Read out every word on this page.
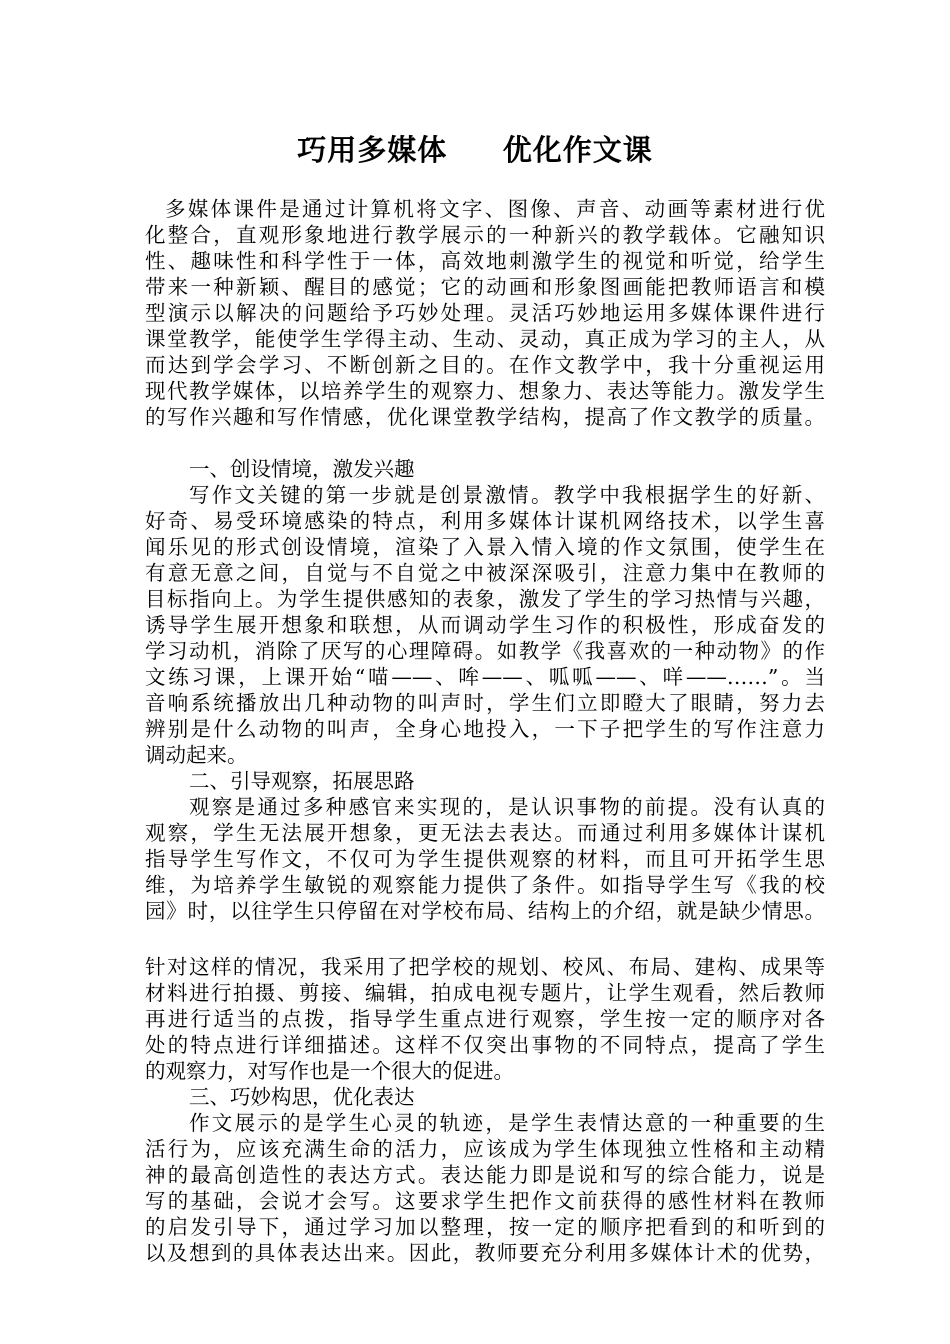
巧用多媒体     优化作文课
多媒体课件是通过计算机将文字、图像、声音、动画等素材进行优
化整合，直观形象地进行教学展示的一种新兴的教学载体。它融知识
性、趣味性和科学性于一体，高效地刺激学生的视觉和听觉，给学生
带来一种新颖、醒目的感觉；它的动画和形象图画能把教师语言和模
型演示以解决的问题给予巧妙处理。灵活巧妙地运用多媒体课件进行
课堂教学，能使学生学得主动、生动、灵动，真正成为学习的主人，从
而达到学会学习、不断创新之目的。在作文教学中，我十分重视运用
现代教学媒体，以培养学生的观察力、想象力、表达等能力。激发学生
的写作兴趣和写作情感，优化课堂教学结构，提高了作文教学的质量。
一、创设情境，激发兴趣
写作文关键的第一步就是创景激情。教学中我根据学生的好新、
好奇、易受环境感染的特点，利用多媒体计谋机网络技术，以学生喜
闻乐见的形式创设情境，渲染了入景入情入境的作文氛围，使学生在
有意无意之间，自觉与不自觉之中被深深吸引，注意力集中在教师的
目标指向上。为学生提供感知的表象，激发了学生的学习热情与兴趣，
诱导学生展开想象和联想，从而调动学生习作的积极性，形成奋发的
学习动机，消除了厌写的心理障碍。如教学《我喜欢的一种动物》的作
文练习课，上课开始“喵——、哞——、呱呱——、咩——……”。当
音响系统播放出几种动物的叫声时，学生们立即瞪大了眼睛，努力去
辨别是什么动物的叫声，全身心地投入，一下子把学生的写作注意力
调动起来。
二、引导观察，拓展思路
观察是通过多种感官来实现的，是认识事物的前提。没有认真的
观察，学生无法展开想象，更无法去表达。而通过利用多媒体计谋机
指导学生写作文，不仅可为学生提供观察的材料，而且可开拓学生思
维，为培养学生敏锐的观察能力提供了条件。如指导学生写《我的校
园》时，以往学生只停留在对学校布局、结构上的介绍，就是缺少情思。
针对这样的情况，我采用了把学校的规划、校风、布局、建构、成果等
材料进行拍摄、剪接、编辑，拍成电视专题片，让学生观看，然后教师
再进行适当的点拨，指导学生重点进行观察，学生按一定的顺序对各
处的特点进行详细描述。这样不仅突出事物的不同特点，提高了学生
的观察力，对写作也是一个很大的促进。
三、巧妙构思，优化表达
作文展示的是学生心灵的轨迹，是学生表情达意的一种重要的生
活行为，应该充满生命的活力，应该成为学生体现独立性格和主动精
神的最高创造性的表达方式。表达能力即是说和写的综合能力，说是
写的基础，会说才会写。这要求学生把作文前获得的感性材料在教师
的启发引导下，通过学习加以整理，按一定的顺序把看到的和听到的
以及想到的具体表达出来。因此，教师要充分利用多媒体计术的优势，
